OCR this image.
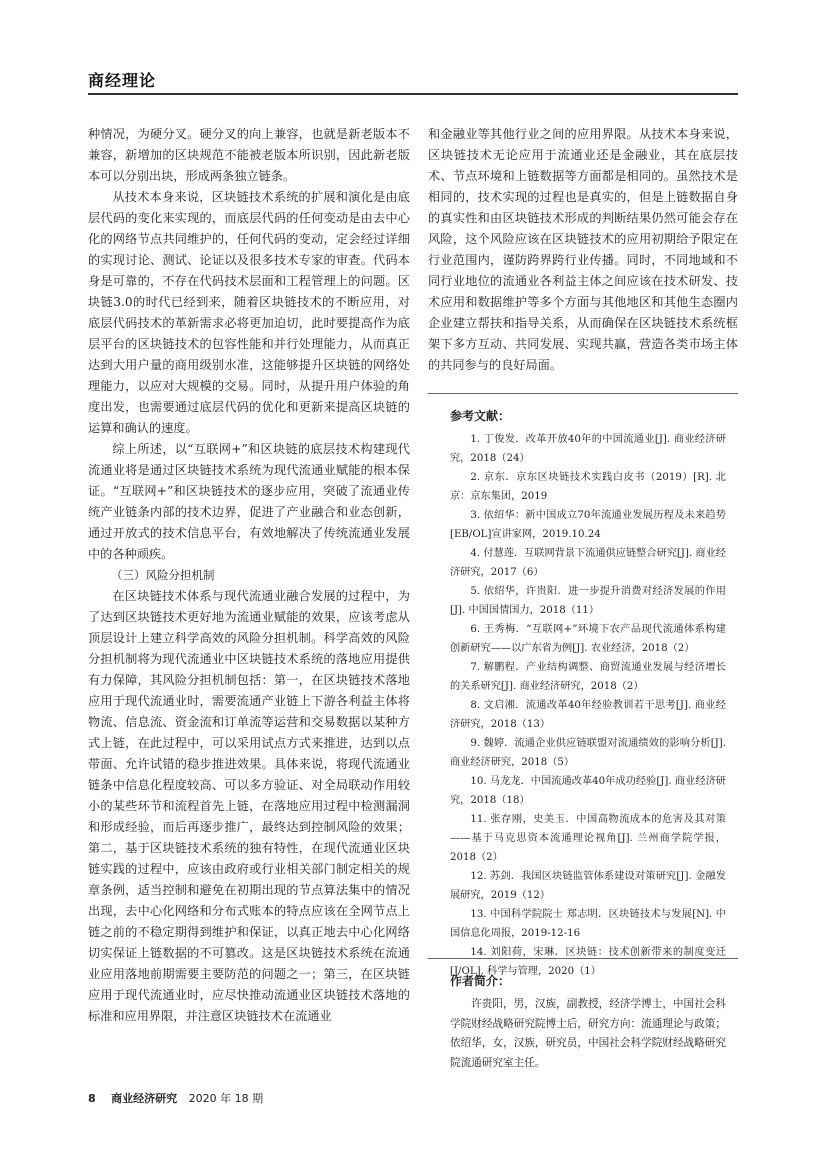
商经理论

种情况，为硬分叉。硬分叉的向上兼容，也就是新老版本不兼容，新增加的区块规范不能被老版本所识别，因此新老版本可以分别出块，形成两条独立链条。

从技术本身来说，区块链技术系统的扩展和演化是由底层代码的变化来实现的，而底层代码的任何变动是由去中心化的网络节点共同维护的，任何代码的变动，定会经过详细的实现讨论、测试、论证以及很多技术专家的审查。代码本身是可靠的，不存在代码技术层面和工程管理上的问题。区块链3.0的时代已经到来，随着区块链技术的不断应用，对底层代码技术的革新需求必将更加迫切，此时要提高作为底层平台的区块链技术的包容性能和并行处理能力，从而真正达到大用户量的商用级别水准，这能够提升区块链的网络处理能力，以应对大规模的交易。同时，从提升用户体验的角度出发，也需要通过底层代码的优化和更新来提高区块链的运算和确认的速度。

综上所述，以“互联网+”和区块链的底层技术构建现代流通业将是通过区块链技术系统为现代流通业赋能的根本保证。“互联网+”和区块链技术的逐步应用，突破了流通业传统产业链条内部的技术边界，促进了产业融合和业态创新，通过开放式的技术信息平台，有效地解决了传统流通业发展中的各种顽疾。

（三）风险分担机制

在区块链技术体系与现代流通业融合发展的过程中，为了达到区块链技术更好地为流通业赋能的效果，应该考虑从顶层设计上建立科学高效的风险分担机制。科学高效的风险分担机制将为现代流通业中区块链技术系统的落地应用提供有力保障，其风险分担机制包括：第一，在区块链技术落地应用于现代流通业时，需要流通产业链上下游各利益主体将物流、信息流、资金流和订单流等运营和交易数据以某种方式上链，在此过程中，可以采用试点方式来推进，达到以点带面、允许试错的稳步推进效果。具体来说，将现代流通业链条中信息化程度较高、可以多方验证、对全局联动作用较小的某些环节和流程首先上链，在落地应用过程中检测漏洞和形成经验，而后再逐步推广，最终达到控制风险的效果；第二，基于区块链技术系统的独有特性，在现代流通业区块链实践的过程中，应该由政府或行业相关部门制定相关的规章条例，适当控制和避免在初期出现的节点算法集中的情况出现，去中心化网络和分布式账本的特点应该在全网节点上链之前的不稳定期得到维护和保证，以真正地去中心化网络切实保证上链数据的不可篡改。这是区块链技术系统在流通业应用落地前期需要主要防范的问题之一；第三，在区块链应用于现代流通业时，应尽快推动流通业区块链技术落地的标准和应用界限，并注意区块链技术在流通业

和金融业等其他行业之间的应用界限。从技术本身来说，区块链技术无论应用于流通业还是金融业，其在底层技术、节点环境和上链数据等方面都是相同的。虽然技术是相同的，技术实现的过程也是真实的，但是上链数据自身的真实性和由区块链技术形成的判断结果仍然可能会存在风险，这个风险应该在区块链技术的应用初期给予限定在行业范围内，谨防跨界跨行业传播。同时，不同地域和不同行业地位的流通业各利益主体之间应该在技术研发、技术应用和数据维护等多个方面与其他地区和其他生态圈内企业建立帮扶和指导关系，从而确保在区块链技术系统框架下多方互动、共同发展、实现共赢，营造各类市场主体的共同参与的良好局面。

参考文献：

1. 丁俊发．改革开放40年的中国流通业[J]. 商业经济研究，2018（24）

2. 京东．京东区块链技术实践白皮书（2019）[R]. 北京：京东集团，2019

3. 依绍华：新中国成立70年流通业发展历程及未来趋势[EB/OL]宣讲家网，2019.10.24

4. 付慧莲．互联网背景下流通供应链整合研究[J]. 商业经济研究，2017（6）

5. 依绍华，许贵阳．进一步提升消费对经济发展的作用[J]. 中国国情国力，2018（11）

6. 王秀梅．“互联网+”环境下农产品现代流通体系构建创新研究——以广东省为例[J]. 农业经济，2018（2）

7. 解鹏程．产业结构调整、商贸流通业发展与经济增长的关系研究[J]. 商业经济研究，2018（2）

8. 文启湘．流通改革40年经验教训若干思考[J]. 商业经济研究，2018（13）

9. 魏婷．流通企业供应链联盟对流通绩效的影响分析[J]. 商业经济研究，2018（5）

10. 马龙龙．中国流通改革40年成功经验[J]. 商业经济研究，2018（18）

11. 张存刚，史美玉．中国高物流成本的危害及其对策——基于马克思资本流通理论视角[J]. 兰州商学院学报，2018（2）

12. 苏剑．我国区块链监管体系建设对策研究[J]. 金融发展研究，2019（12）

13. 中国科学院院士 郑志明．区块链技术与发展[N]. 中国信息化周报，2019-12-16

14. 刘阳荷，宋琳．区块链：技术创新带来的制度变迁[J/OL]. 科学与管理，2020（1）

作者简介：

许贵阳，男，汉族，副教授，经济学博士，中国社会科学院财经战略研究院博士后，研究方向：流通理论与政策；依绍华，女，汉族，研究员，中国社会科学院财经战略研究院流通研究室主任。

8 商业经济研究 2020 年 18 期
